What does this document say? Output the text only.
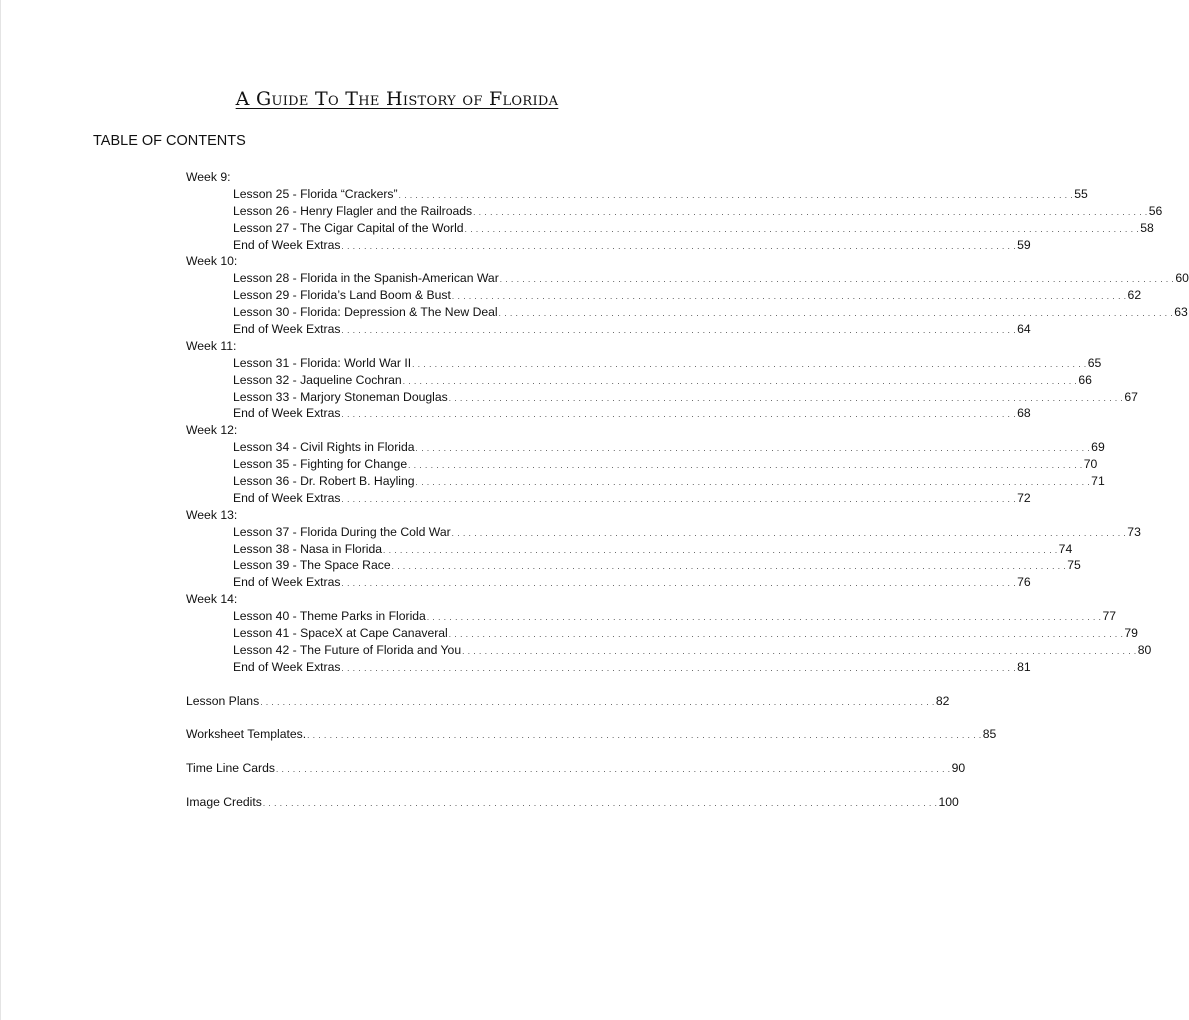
A Guide To The History of Florida
TABLE OF CONTENTS
Week 9:
Lesson 25 - Florida “Crackers” . . . . . . . . . . . . . . . . . . . . . . . . . . . . . . . . . . . . . . . . . . . . . . . . . . . . . . . . . . . . . . . . . . . . . . . . . . . . . . . . . . . . . . . . . . . . . . . . . . . . . . . . . . . . . . . . . . . . . . . . 55
Lesson 26 - Henry Flagler and the Railroads . . . . . . . . . . . . . . . . . . . . . . . . . . . . . . . . . . . . . . . . . . . . . . . . . . . . . . . . . . . . . . . . . . . . . . . . . . . . . . . . . . . . . . . . . . . . . . . . . . . . . . . . . . . . . . . . . . . . . . . . 56
Lesson 27 - The Cigar Capital of the World . . . . . . . . . . . . . . . . . . . . . . . . . . . . . . . . . . . . . . . . . . . . . . . . . . . . . . . . . . . . . . . . . . . . . . . . . . . . . . . . . . . . . . . . . . . . . . . . . . . . . . . . . . . . . . . . . . . . . . . . 58
End of Week Extras . . . . . . . . . . . . . . . . . . . . . . . . . . . . . . . . . . . . . . . . . . . . . . . . . . . . . . . . . . . . . . . . . . . . . . . . . . . . . . . . . . . . . . . . . . . . . . . . . . . . . . . . . . . . . . . . . . . . . . . . 59
Week 10:
Lesson 28 - Florida in the Spanish-American War . . . . . . . . . . . . . . . . . . . . . . . . . . . . . . . . . . . . . . . . . . . . . . . . . . . . . . . . . . . . . . . . . . . . . . . . . . . . . . . . . . . . . . . . . . . . . . . . . . . . . . . . . . . . . . . . . . . . . . . . 60
Lesson 29 - Florida’s Land Boom & Bust . . . . . . . . . . . . . . . . . . . . . . . . . . . . . . . . . . . . . . . . . . . . . . . . . . . . . . . . . . . . . . . . . . . . . . . . . . . . . . . . . . . . . . . . . . . . . . . . . . . . . . . . . . . . . . . . . . . . . . . . 62
Lesson 30 - Florida: Depression & The New Deal . . . . . . . . . . . . . . . . . . . . . . . . . . . . . . . . . . . . . . . . . . . . . . . . . . . . . . . . . . . . . . . . . . . . . . . . . . . . . . . . . . . . . . . . . . . . . . . . . . . . . . . . . . . . . . . . . . . . . . . . 63
End of Week Extras . . . . . . . . . . . . . . . . . . . . . . . . . . . . . . . . . . . . . . . . . . . . . . . . . . . . . . . . . . . . . . . . . . . . . . . . . . . . . . . . . . . . . . . . . . . . . . . . . . . . . . . . . . . . . . . . . . . . . . . . 64
Week 11:
Lesson 31 - Florida: World War II . . . . . . . . . . . . . . . . . . . . . . . . . . . . . . . . . . . . . . . . . . . . . . . . . . . . . . . . . . . . . . . . . . . . . . . . . . . . . . . . . . . . . . . . . . . . . . . . . . . . . . . . . . . . . . . . . . . . . . . . 65
Lesson 32 - Jaqueline Cochran . . . . . . . . . . . . . . . . . . . . . . . . . . . . . . . . . . . . . . . . . . . . . . . . . . . . . . . . . . . . . . . . . . . . . . . . . . . . . . . . . . . . . . . . . . . . . . . . . . . . . . . . . . . . . . . . . . . . . . . . 66
Lesson 33 - Marjory Stoneman Douglas . . . . . . . . . . . . . . . . . . . . . . . . . . . . . . . . . . . . . . . . . . . . . . . . . . . . . . . . . . . . . . . . . . . . . . . . . . . . . . . . . . . . . . . . . . . . . . . . . . . . . . . . . . . . . . . . . . . . . . . . 67
End of Week Extras . . . . . . . . . . . . . . . . . . . . . . . . . . . . . . . . . . . . . . . . . . . . . . . . . . . . . . . . . . . . . . . . . . . . . . . . . . . . . . . . . . . . . . . . . . . . . . . . . . . . . . . . . . . . . . . . . . . . . . . . 68
Week 12:
Lesson 34 - Civil Rights in Florida . . . . . . . . . . . . . . . . . . . . . . . . . . . . . . . . . . . . . . . . . . . . . . . . . . . . . . . . . . . . . . . . . . . . . . . . . . . . . . . . . . . . . . . . . . . . . . . . . . . . . . . . . . . . . . . . . . . . . . . . 69
Lesson 35 - Fighting for Change . . . . . . . . . . . . . . . . . . . . . . . . . . . . . . . . . . . . . . . . . . . . . . . . . . . . . . . . . . . . . . . . . . . . . . . . . . . . . . . . . . . . . . . . . . . . . . . . . . . . . . . . . . . . . . . . . . . . . . . . 70
Lesson 36 - Dr. Robert B. Hayling . . . . . . . . . . . . . . . . . . . . . . . . . . . . . . . . . . . . . . . . . . . . . . . . . . . . . . . . . . . . . . . . . . . . . . . . . . . . . . . . . . . . . . . . . . . . . . . . . . . . . . . . . . . . . . . . . . . . . . . . 71
End of Week Extras . . . . . . . . . . . . . . . . . . . . . . . . . . . . . . . . . . . . . . . . . . . . . . . . . . . . . . . . . . . . . . . . . . . . . . . . . . . . . . . . . . . . . . . . . . . . . . . . . . . . . . . . . . . . . . . . . . . . . . . . 72
Week 13:
Lesson 37 - Florida During the Cold War . . . . . . . . . . . . . . . . . . . . . . . . . . . . . . . . . . . . . . . . . . . . . . . . . . . . . . . . . . . . . . . . . . . . . . . . . . . . . . . . . . . . . . . . . . . . . . . . . . . . . . . . . . . . . . . . . . . . . . . . 73
Lesson 38 - Nasa in Florida . . . . . . . . . . . . . . . . . . . . . . . . . . . . . . . . . . . . . . . . . . . . . . . . . . . . . . . . . . . . . . . . . . . . . . . . . . . . . . . . . . . . . . . . . . . . . . . . . . . . . . . . . . . . . . . . . . . . . . . . 74
Lesson 39 - The Space Race . . . . . . . . . . . . . . . . . . . . . . . . . . . . . . . . . . . . . . . . . . . . . . . . . . . . . . . . . . . . . . . . . . . . . . . . . . . . . . . . . . . . . . . . . . . . . . . . . . . . . . . . . . . . . . . . . . . . . . . . 75
End of Week Extras . . . . . . . . . . . . . . . . . . . . . . . . . . . . . . . . . . . . . . . . . . . . . . . . . . . . . . . . . . . . . . . . . . . . . . . . . . . . . . . . . . . . . . . . . . . . . . . . . . . . . . . . . . . . . . . . . . . . . . . . 76
Week 14:
Lesson 40 - Theme Parks in Florida . . . . . . . . . . . . . . . . . . . . . . . . . . . . . . . . . . . . . . . . . . . . . . . . . . . . . . . . . . . . . . . . . . . . . . . . . . . . . . . . . . . . . . . . . . . . . . . . . . . . . . . . . . . . . . . . . . . . . . . . 77
Lesson 41 - SpaceX at Cape Canaveral . . . . . . . . . . . . . . . . . . . . . . . . . . . . . . . . . . . . . . . . . . . . . . . . . . . . . . . . . . . . . . . . . . . . . . . . . . . . . . . . . . . . . . . . . . . . . . . . . . . . . . . . . . . . . . . . . . . . . . . . 79
Lesson 42 - The Future of Florida and You . . . . . . . . . . . . . . . . . . . . . . . . . . . . . . . . . . . . . . . . . . . . . . . . . . . . . . . . . . . . . . . . . . . . . . . . . . . . . . . . . . . . . . . . . . . . . . . . . . . . . . . . . . . . . . . . . . . . . . . . 80
End of Week Extras . . . . . . . . . . . . . . . . . . . . . . . . . . . . . . . . . . . . . . . . . . . . . . . . . . . . . . . . . . . . . . . . . . . . . . . . . . . . . . . . . . . . . . . . . . . . . . . . . . . . . . . . . . . . . . . . . . . . . . . . 81
Lesson Plans . . . . . . . . . . . . . . . . . . . . . . . . . . . . . . . . . . . . . . . . . . . . . . . . . . . . . . . . . . . . . . . . . . . . . . . . . . . . . . . . . . . . . . . . . . . . . . . . . . . . . . . . . . . . . . . . . . . . . . . . 82
Worksheet Templates. . . . . . . . . . . . . . . . . . . . . . . . . . . . . . . . . . . . . . . . . . . . . . . . . . . . . . . . . . . . . . . . . . . . . . . . . . . . . . . . . . . . . . . . . . . . . . . . . . . . . . . . . . . . . . . . . . . . . . . . . 85
Time Line Cards . . . . . . . . . . . . . . . . . . . . . . . . . . . . . . . . . . . . . . . . . . . . . . . . . . . . . . . . . . . . . . . . . . . . . . . . . . . . . . . . . . . . . . . . . . . . . . . . . . . . . . . . . . . . . . . . . . . . . . . . 90
Image Credits . . . . . . . . . . . . . . . . . . . . . . . . . . . . . . . . . . . . . . . . . . . . . . . . . . . . . . . . . . . . . . . . . . . . . . . . . . . . . . . . . . . . . . . . . . . . . . . . . . . . . . . . . . . . . . . . . . . . . . . . 100
